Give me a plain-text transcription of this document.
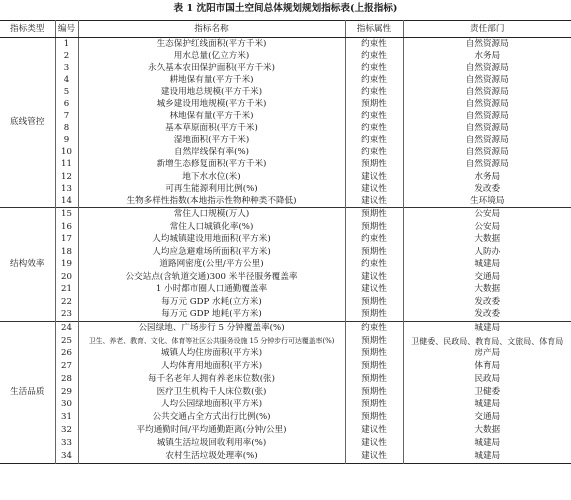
表 1 沈阳市国土空间总体规划规划指标表(上报指标)
指标类型	编号	指标名称	指标属性	责任部门
底线管控	1	生态保护红线面积(平方千米)	约束性	自然资源局
	2	用水总量(亿立方米)	约束性	水务局
	3	永久基本农田保护面积(平方千米)	约束性	自然资源局
	4	耕地保有量(平方千米)	约束性	自然资源局
	5	建设用地总规模(平方千米)	约束性	自然资源局
	6	城乡建设用地规模(平方千米)	预期性	自然资源局
	7	林地保有量(平方千米)	约束性	自然资源局
	8	基本草原面积(平方千米)	约束性	自然资源局
	9	湿地面积(平方千米)	约束性	自然资源局
	10	自然岸线保有率(%)	约束性	自然资源局
	11	新增生态修复面积(平方千米)	预期性	自然资源局
	12	地下水水位(米)	建议性	水务局
	13	可再生能源利用比例(%)	建议性	发改委
	14	生物多样性指数(本地指示性物种种类不降低)	建议性	生环境局
结构效率	15	常住人口规模(万人)	预期性	公安局
	16	常住人口城镇化率(%)	预期性	公安局
	17	人均城镇建设用地面积(平方米)	约束性	大数据
	18	人均应急避难场所面积(平方米)	预期性	人防办
	19	道路网密度(公里/平方公里)	约束性	城建局
	20	公交站点(含轨道交通)300 米半径服务覆盖率	建议性	交通局
	21	1 小时都市圈人口通勤覆盖率	建议性	大数据
	22	每万元 GDP 水耗(立方米)	预期性	发改委
	23	每万元 GDP 地耗(平方米)	预期性	发改委
生活品质	24	公园绿地、广场步行 5 分钟覆盖率(%)	约束性	城建局
	25	卫生、养老、教育、文化、体育等社区公共服务设施 15 分钟步行可达覆盖率(%)	预期性	卫健委、民政局、教育局、文旅局、体育局
	26	城镇人均住房面积(平方米)	预期性	房产局
	27	人均体育用地面积(平方米)	预期性	体育局
	28	每千名老年人拥有养老床位数(张)	预期性	民政局
	29	医疗卫生机构千人床位数(张)	预期性	卫健委
	30	人均公园绿地面积(平方米)	预期性	城建局
	31	公共交通占全方式出行比例(%)	预期性	交通局
	32	平均通勤时间/平均通勤距离(分钟/公里)	建议性	大数据
	33	城镇生活垃圾回收利用率(%)	建议性	城建局
	34	农村生活垃圾处理率(%)	建议性	城建局
